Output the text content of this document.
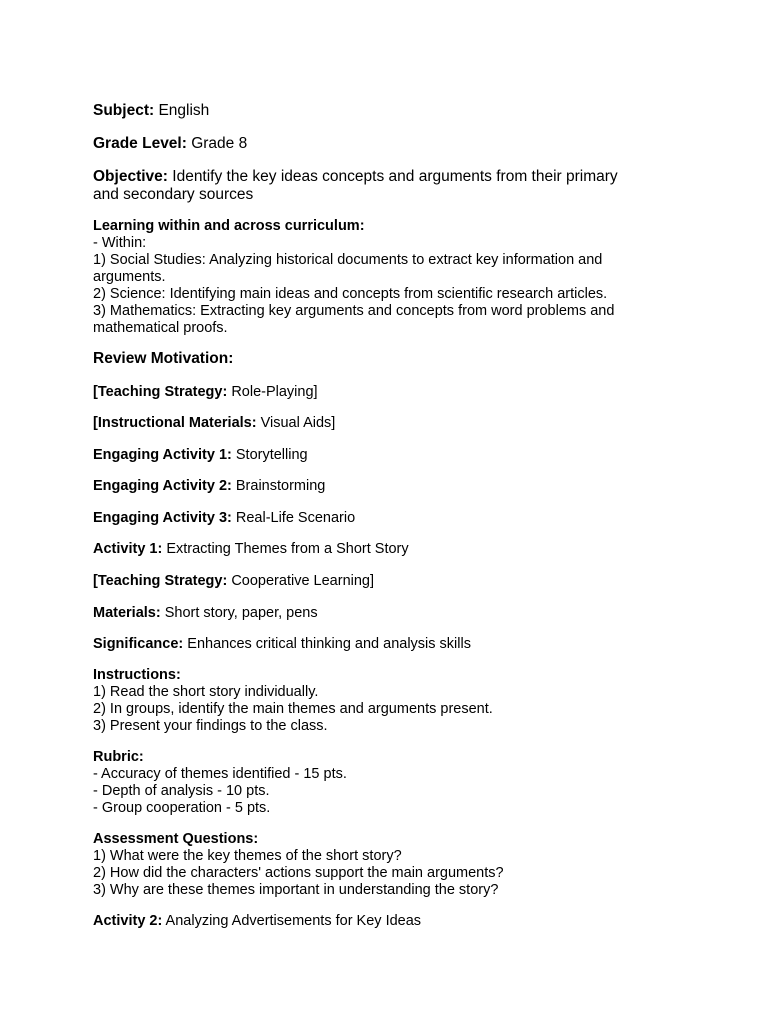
Subject: English
Grade Level: Grade 8
Objective: Identify the key ideas concepts and arguments from their primary
and secondary sources
Learning within and across curriculum:
- Within:
1) Social Studies: Analyzing historical documents to extract key information and
arguments.
2) Science: Identifying main ideas and concepts from scientific research articles.
3) Mathematics: Extracting key arguments and concepts from word problems and
mathematical proofs.
Review Motivation:
[Teaching Strategy: Role-Playing]
[Instructional Materials: Visual Aids]
Engaging Activity 1: Storytelling
Engaging Activity 2: Brainstorming
Engaging Activity 3: Real-Life Scenario
Activity 1: Extracting Themes from a Short Story
[Teaching Strategy: Cooperative Learning]
Materials: Short story, paper, pens
Significance: Enhances critical thinking and analysis skills
Instructions:
1) Read the short story individually.
2) In groups, identify the main themes and arguments present.
3) Present your findings to the class.
Rubric:
- Accuracy of themes identified - 15 pts.
- Depth of analysis - 10 pts.
- Group cooperation - 5 pts.
Assessment Questions:
1) What were the key themes of the short story?
2) How did the characters' actions support the main arguments?
3) Why are these themes important in understanding the story?
Activity 2: Analyzing Advertisements for Key Ideas
